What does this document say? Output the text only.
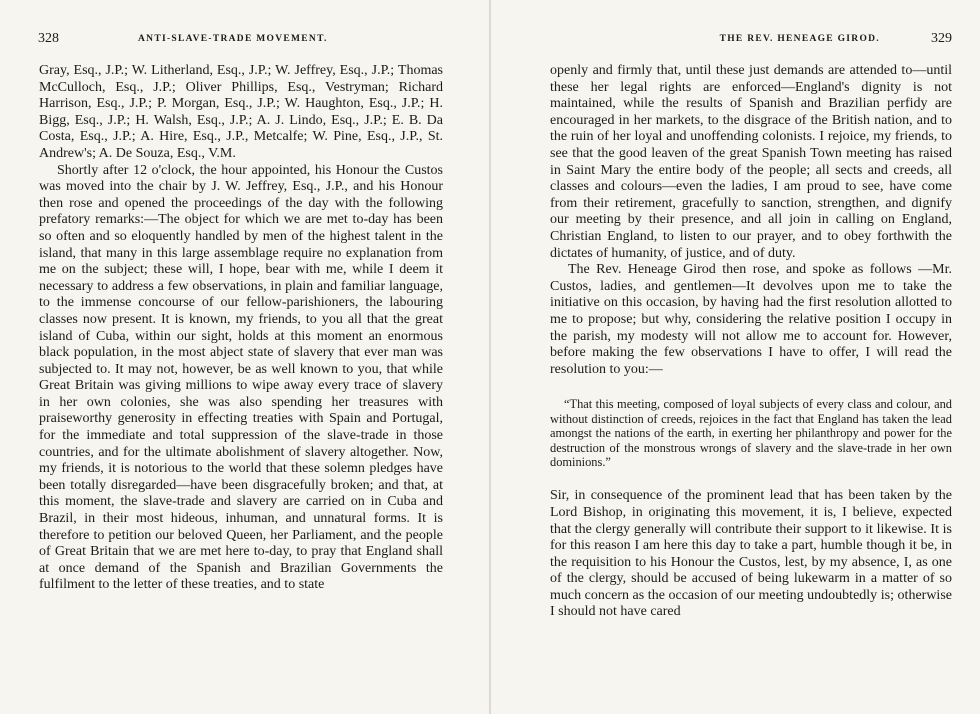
328	ANTI-SLAVE-TRADE MOVEMENT.

Gray, Esq., J.P.; W. Litherland, Esq., J.P.; W. Jeffrey, Esq., J.P.; Thomas McCulloch, Esq., J.P.; Oliver Phillips, Esq., Vestryman; Richard Harrison, Esq., J.P.; P. Morgan, Esq., J.P.; W. Haughton, Esq., J.P.; H. Bigg, Esq., J.P.; H. Walsh, Esq., J.P.; A. J. Lindo, Esq., J.P.; E. B. Da Costa, Esq., J.P.; A. Hire, Esq., J.P., Metcalfe; W. Pine, Esq., J.P., St. Andrew's; A. De Souza, Esq., V.M.

Shortly after 12 o'clock, the hour appointed, his Honour the Custos was moved into the chair by J. W. Jeffrey, Esq., J.P., and his Honour then rose and opened the proceedings of the day with the following prefatory remarks:—The object for which we are met to-day has been so often and so eloquently handled by men of the highest talent in the island, that many in this large assemblage require no explanation from me on the subject; these will, I hope, bear with me, while I deem it necessary to address a few observations, in plain and familiar language, to the immense concourse of our fellow-parishioners, the labouring classes now present. It is known, my friends, to you all that the great island of Cuba, within our sight, holds at this moment an enormous black population, in the most abject state of slavery that ever man was subjected to. It may not, however, be as well known to you, that while Great Britain was giving millions to wipe away every trace of slavery in her own colonies, she was also spending her treasures with praiseworthy generosity in effecting treaties with Spain and Portugal, for the immediate and total suppression of the slave-trade in those countries, and for the ultimate abolishment of slavery altogether. Now, my friends, it is notorious to the world that these solemn pledges have been totally disregarded—have been disgracefully broken; and that, at this moment, the slave-trade and slavery are carried on in Cuba and Brazil, in their most hideous, inhuman, and unnatural forms. It is therefore to petition our beloved Queen, her Parliament, and the people of Great Britain that we are met here to-day, to pray that England shall at once demand of the Spanish and Brazilian Governments the fulfilment to the letter of these treaties, and to state

THE REV. HENEAGE GIROD.	329

openly and firmly that, until these just demands are attended to—until these her legal rights are enforced—England's dignity is not maintained, while the results of Spanish and Brazilian perfidy are encouraged in her markets, to the disgrace of the British nation, and to the ruin of her loyal and unoffending colonists. I rejoice, my friends, to see that the good leaven of the great Spanish Town meeting has raised in Saint Mary the entire body of the people; all sects and creeds, all classes and colours—even the ladies, I am proud to see, have come from their retirement, gracefully to sanction, strengthen, and dignify our meeting by their presence, and all join in calling on England, Christian England, to listen to our prayer, and to obey forthwith the dictates of humanity, of justice, and of duty.

The Rev. Heneage Girod then rose, and spoke as follows —Mr. Custos, ladies, and gentlemen—It devolves upon me to take the initiative on this occasion, by having had the first resolution allotted to me to propose; but why, considering the relative position I occupy in the parish, my modesty will not allow me to account for. However, before making the few observations I have to offer, I will read the resolution to you:—

“That this meeting, composed of loyal subjects of every class and colour, and without distinction of creeds, rejoices in the fact that England has taken the lead amongst the nations of the earth, in exerting her philanthropy and power for the destruction of the monstrous wrongs of slavery and the slave-trade in her own dominions.”

Sir, in consequence of the prominent lead that has been taken by the Lord Bishop, in originating this movement, it is, I believe, expected that the clergy generally will contribute their support to it likewise. It is for this reason I am here this day to take a part, humble though it be, in the requisition to his Honour the Custos, lest, by my absence, I, as one of the clergy, should be accused of being lukewarm in a matter of so much concern as the occasion of our meeting undoubtedly is; otherwise I should not have cared
